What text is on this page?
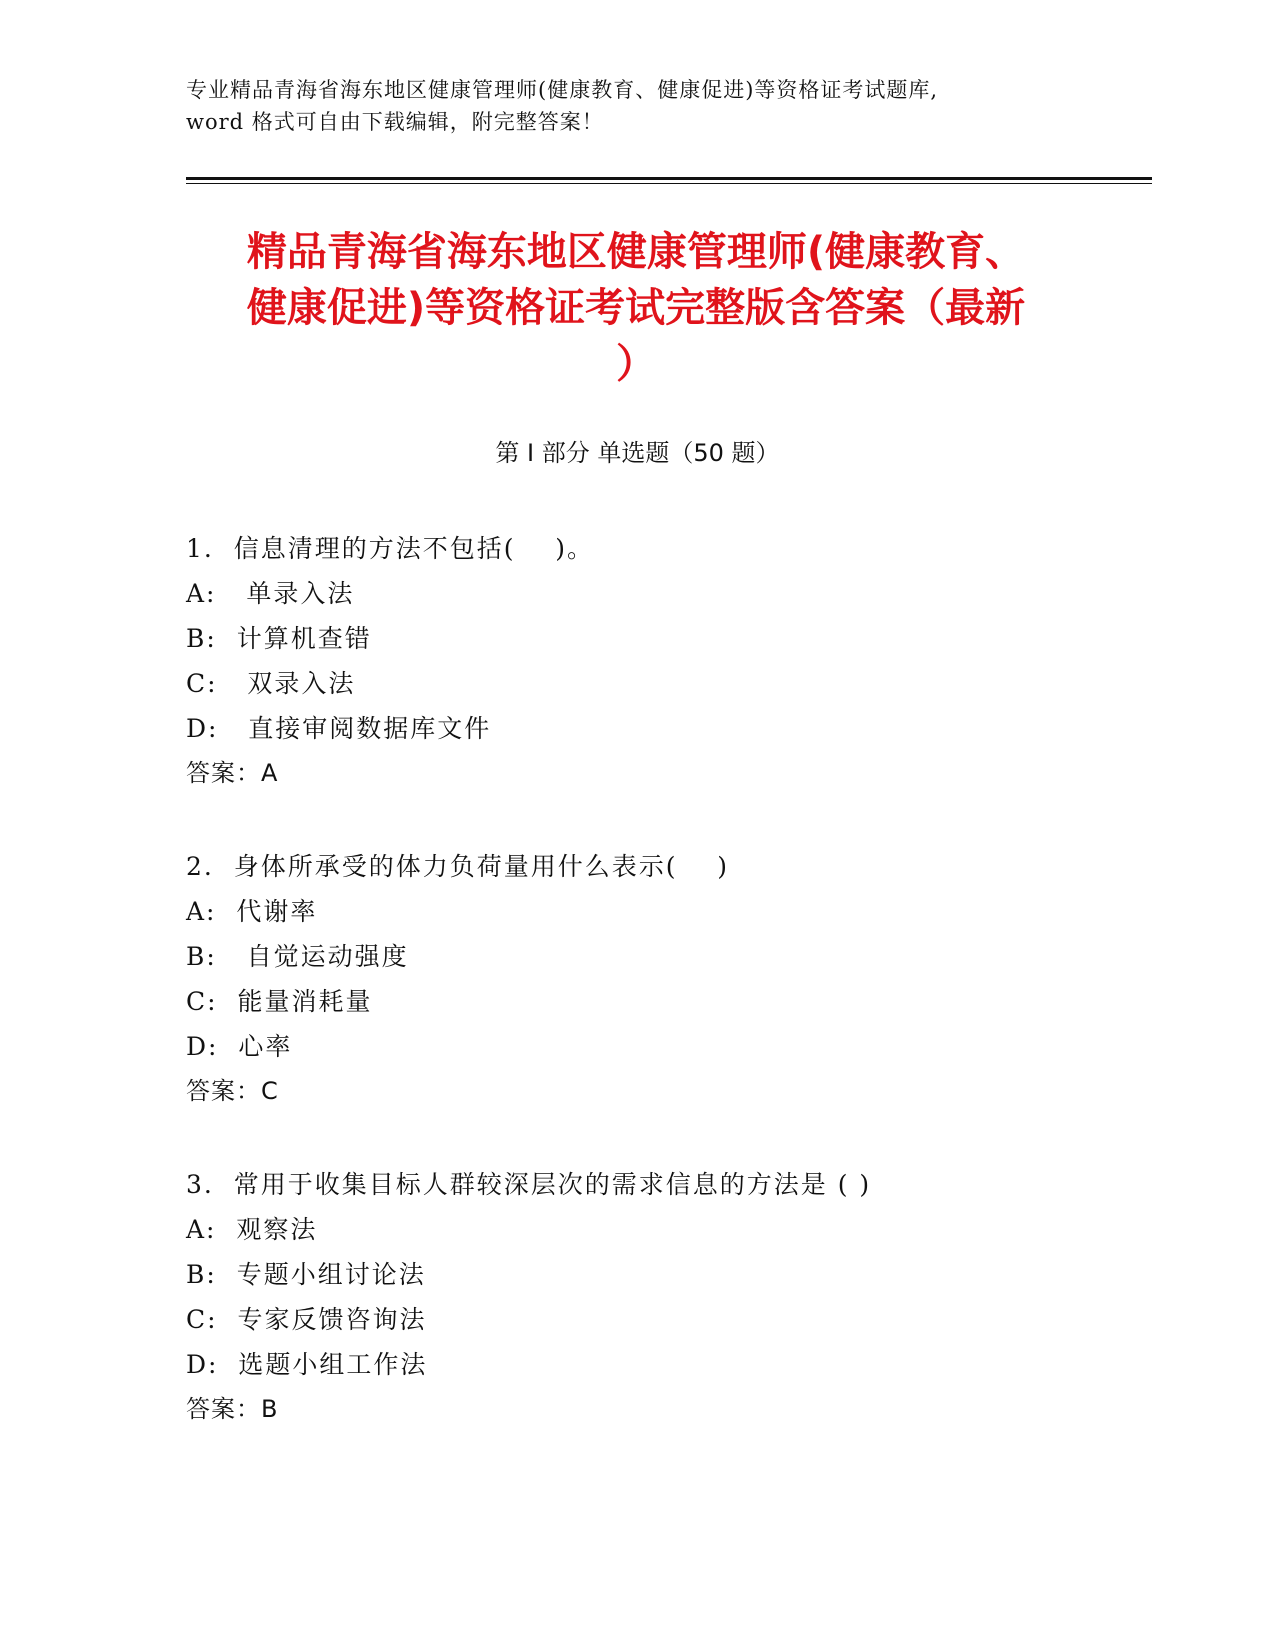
专业精品青海省海东地区健康管理师(健康教育、健康促进)等资格证考试题库,
word 格式可自由下载编辑，附完整答案！
精品青海省海东地区健康管理师(健康教育、
健康促进)等资格证考试完整版含答案（最新
）
第 I 部分 单选题（50 题）
1.  信息清理的方法不包括(    )。
A:   单录入法
B:  计算机查错
C:   双录入法
D:   直接审阅数据库文件
答案：A
2.  身体所承受的体力负荷量用什么表示(    )
A:  代谢率
B:   自觉运动强度
C:  能量消耗量
D:  心率
答案：C
3.  常用于收集目标人群较深层次的需求信息的方法是 ( )
A:  观察法
B:  专题小组讨论法
C:  专家反馈咨询法
D:  选题小组工作法
答案：B
